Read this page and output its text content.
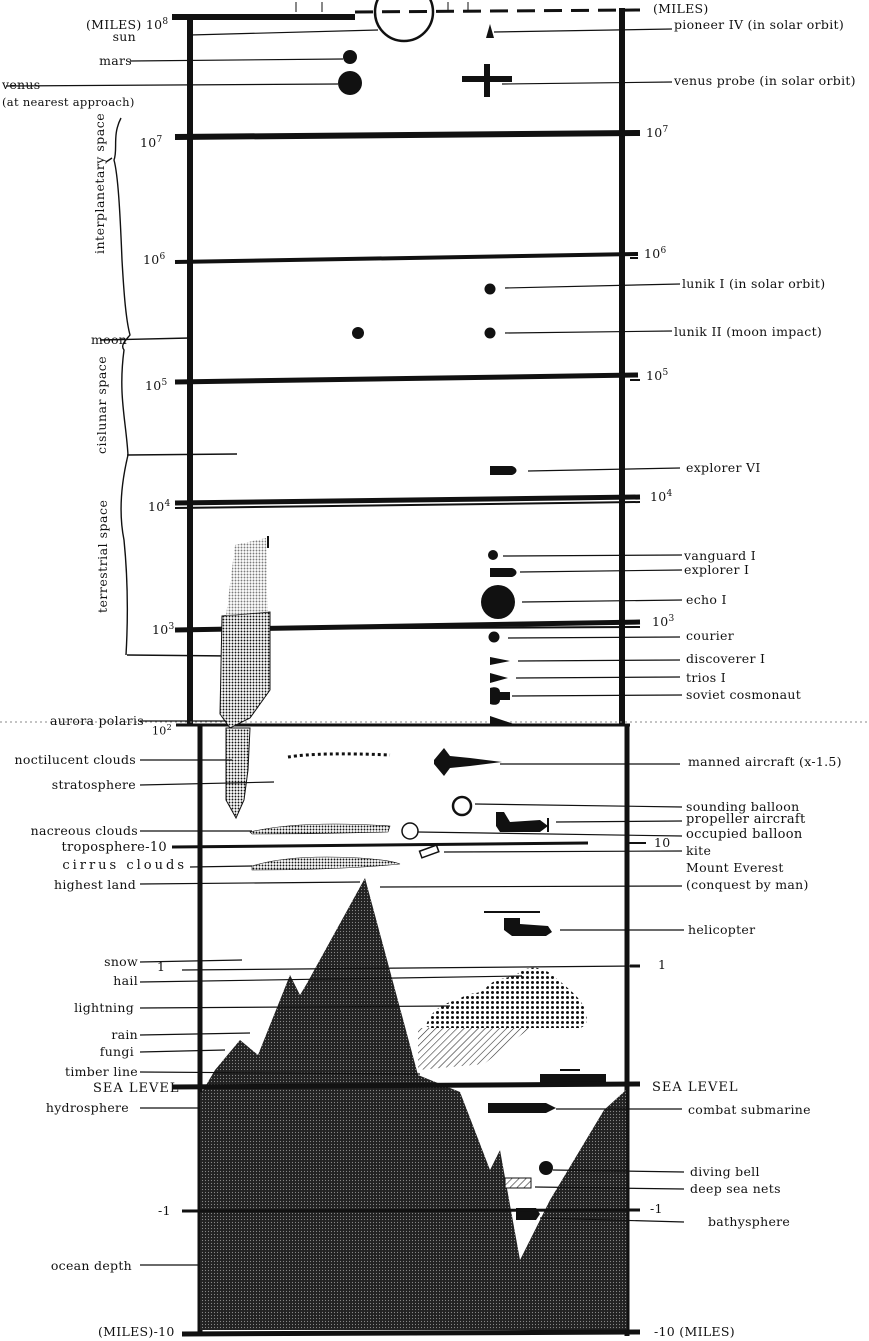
(MILES) $10^8$
(MILES)
$10^7$
$10^6$
$10^5$
$10^4$
$10^3$
$10^2$
$10^7$
$10^6$
$10^5$
$10^4$
$10^3$
1	1
10
-1	-1
SEA LEVEL	SEA LEVEL
(MILES)-10	-10 (MILES)
interplanetary space
cislunar space
terrestrial space
sun
mars
venus
(at nearest approach)
moon
aurora polaris
noctilucent clouds
stratosphere
nacreous clouds
troposphere-10
cirrus clouds
highest land
snow
hail
lightning
rain
fungi
timber line
hydrosphere
ocean depth
pioneer IV (in solar orbit)
venus probe (in solar orbit)
lunik I (in solar orbit)
lunik II (moon impact)
explorer VI
vanguard I
explorer I
echo I
courier
discoverer I
trios I
soviet cosmonaut
manned aircraft (x-1.5)
sounding balloon
propeller aircraft
occupied balloon
kite
Mount Everest
(conquest by man)
helicopter
combat submarine
diving bell
deep sea nets
bathysphere
